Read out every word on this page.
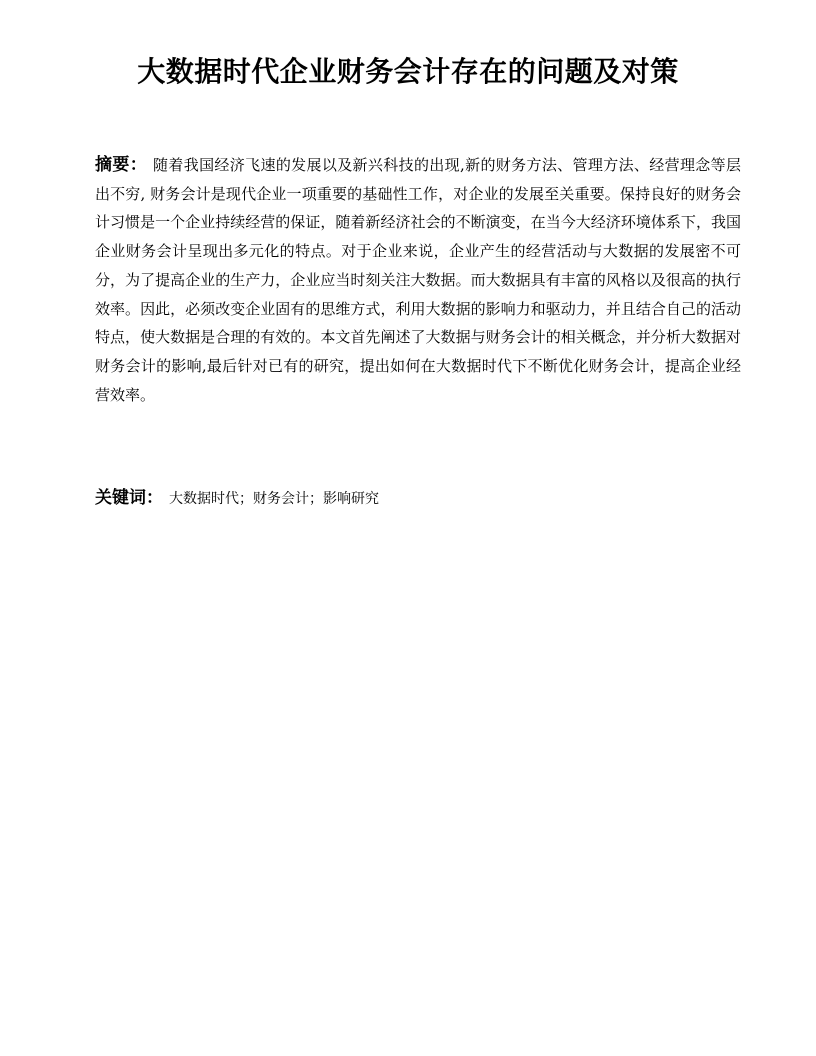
大数据时代企业财务会计存在的问题及对策
摘要： 随着我国经济飞速的发展以及新兴科技的出现,新的财务方法、管理方法、经营理念等层出不穷, 财务会计是现代企业一项重要的基础性工作，对企业的发展至关重要。保持良好的财务会计习惯是一个企业持续经营的保证，随着新经济社会的不断演变，在当今大经济环境体系下，我国企业财务会计呈现出多元化的特点。对于企业来说，企业产生的经营活动与大数据的发展密不可分，为了提高企业的生产力，企业应当时刻关注大数据。而大数据具有丰富的风格以及很高的执行效率。因此，必须改变企业固有的思维方式，利用大数据的影响力和驱动力，并且结合自己的活动特点，使大数据是合理的有效的。本文首先阐述了大数据与财务会计的相关概念，并分析大数据对财务会计的影响,最后针对已有的研究，提出如何在大数据时代下不断优化财务会计，提高企业经营效率。
关键词： 大数据时代；财务会计；影响研究
